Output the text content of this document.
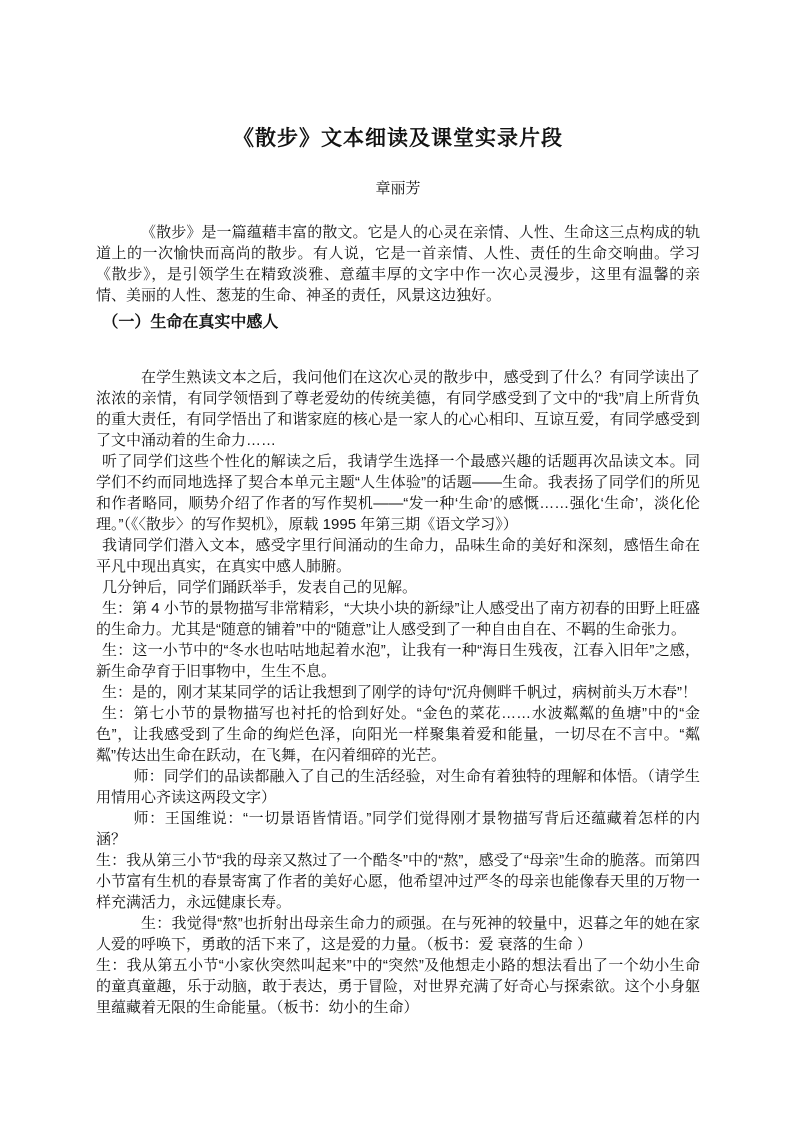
《散步》文本细读及课堂实录片段
章丽芳

《散步》是一篇蕴藉丰富的散文。它是人的心灵在亲情、人性、生命这三点构成的轨道上的一次愉快而高尚的散步。有人说，它是一首亲情、人性、责任的生命交响曲。学习《散步》，是引领学生在精致淡雅、意蕴丰厚的文字中作一次心灵漫步，这里有温馨的亲情、美丽的人性、葱茏的生命、神圣的责任，风景这边独好。

（一）生命在真实中感人

在学生熟读文本之后，我问他们在这次心灵的散步中，感受到了什么？有同学读出了浓浓的亲情，有同学领悟到了尊老爱幼的传统美德，有同学感受到了文中的“我”肩上所背负的重大责任，有同学悟出了和谐家庭的核心是一家人的心心相印、互谅互爱，有同学感受到了文中涌动着的生命力……

听了同学们这些个性化的解读之后，我请学生选择一个最感兴趣的话题再次品读文本。同学们不约而同地选择了契合本单元主题“人生体验”的话题——生命。我表扬了同学们的所见和作者略同，顺势介绍了作者的写作契机——“发一种‘生命’的感慨……强化‘生命’，淡化伦理。”（《〈散步〉的写作契机》，原载 1995 年第三期《语文学习》）

我请同学们潜入文本，感受字里行间涌动的生命力，品味生命的美好和深刻，感悟生命在平凡中现出真实，在真实中感人肺腑。

几分钟后，同学们踊跃举手，发表自己的见解。

生：第 4 小节的景物描写非常精彩，“大块小块的新绿”让人感受出了南方初春的田野上旺盛的生命力。尤其是“随意的铺着”中的“随意”让人感受到了一种自由自在、不羁的生命张力。

生：这一小节中的“冬水也咕咕地起着水泡”，让我有一种“海日生残夜，江春入旧年”之感，新生命孕育于旧事物中，生生不息。

生：是的，刚才某某同学的话让我想到了刚学的诗句“沉舟侧畔千帆过，病树前头万木春”！

生：第七小节的景物描写也衬托的恰到好处。“金色的菜花……水波粼粼的鱼塘”中的“金色”，让我感受到了生命的绚烂色泽，向阳光一样聚集着爱和能量，一切尽在不言中。“粼粼”传达出生命在跃动，在飞舞，在闪着细碎的光芒。

师：同学们的品读都融入了自己的生活经验，对生命有着独特的理解和体悟。（请学生用情用心齐读这两段文字）

师：王国维说：“一切景语皆情语。”同学们觉得刚才景物描写背后还蕴藏着怎样的内涵？

生：我从第三小节“我的母亲又熬过了一个酷冬”中的“熬”，感受了“母亲”生命的脆落。而第四小节富有生机的春景寄寓了作者的美好心愿，他希望冲过严冬的母亲也能像春天里的万物一样充满活力，永远健康长寿。

生：我觉得“熬”也折射出母亲生命力的顽强。在与死神的较量中，迟暮之年的她在家人爱的呼唤下，勇敢的活下来了，这是爱的力量。（板书：爱 衰落的生命 ）

生：我从第五小节“小家伙突然叫起来”中的“突然”及他想走小路的想法看出了一个幼小生命的童真童趣，乐于动脑，敢于表达，勇于冒险，对世界充满了好奇心与探索欲。这个小身躯里蕴藏着无限的生命能量。（板书：幼小的生命）
